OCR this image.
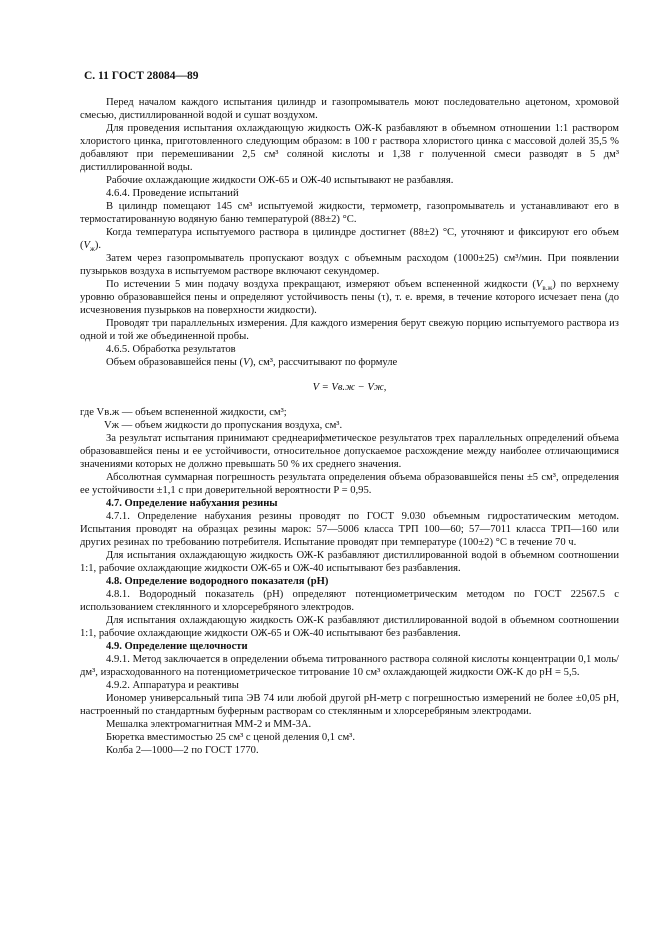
С. 11 ГОСТ 28084—89

Перед началом каждого испытания цилиндр и газопромыватель моют последовательно ацетоном, хромовой смесью, дистиллированной водой и сушат воздухом.

Для проведения испытания охлаждающую жидкость ОЖ-К разбавляют в объемном отношении 1:1 раствором хлористого цинка, приготовленного следующим образом: в 100 г раствора хлористого цинка с массовой долей 35,5 % добавляют при перемешивании 2,5 см³ соляной кислоты и 1,38 г полученной смеси разводят в 5 дм³ дистиллированной воды.

Рабочие охлаждающие жидкости ОЖ-65 и ОЖ-40 испытывают не разбавляя.

4.6.4. Проведение испытаний

В цилиндр помещают 145 см³ испытуемой жидкости, термометр, газопромыватель и устанавливают его в термостатированную водяную баню температурой (88±2) °С.

Когда температура испытуемого раствора в цилиндре достигнет (88±2) °С, уточняют и фиксируют его объем $(V_ж)$.

Затем через газопромыватель пропускают воздух с объемным расходом (1000±25) см³/мин. При появлении пузырьков воздуха в испытуемом растворе включают секундомер.

По истечении 5 мин подачу воздуха прекращают, измеряют объем вспененной жидкости $(V_{в.ж})$ по верхнему уровню образовавшейся пены и определяют устойчивость пены (τ), т. е. время, в течение которого исчезает пена (до исчезновения пузырьков на поверхности жидкости).

Проводят три параллельных измерения. Для каждого измерения берут свежую порцию испытуемого раствора из одной и той же объединенной пробы.

4.6.5. Обработка результатов

Объем образовавшейся пены (V), см³, рассчитывают по формуле

V = Vв.ж − Vж,

где Vв.ж — объем вспененной жидкости, см³;

Vж — объем жидкости до пропускания воздуха, см³.

За результат испытания принимают среднеарифметическое результатов трех параллельных определений объема образовавшейся пены и ее устойчивости, относительное допускаемое расхождение между наиболее отличающимися значениями которых не должно превышать 50 % их среднего значения.

Абсолютная суммарная погрешность результата определения объема образовавшейся пены ±5 см³, определения ее устойчивости ±1,1 с при доверительной вероятности P = 0,95.

4.7. Определение набухания резины

4.7.1. Определение набухания резины проводят по ГОСТ 9.030 объемным гидростатическим методом. Испытания проводят на образцах резины марок: 57—5006 класса ТРП 100—60; 57—7011 класса ТРП—160 или других резинах по требованию потребителя. Испытание проводят при температуре (100±2) °С в течение 70 ч.

Для испытания охлаждающую жидкость ОЖ-К разбавляют дистиллированной водой в объемном соотношении 1:1, рабочие охлаждающие жидкости ОЖ-65 и ОЖ-40 испытывают без разбавления.

4.8. Определение водородного показателя (pH)

4.8.1. Водородный показатель (pH) определяют потенциометрическим методом по ГОСТ 22567.5 с использованием стеклянного и хлорсеребряного электродов.

Для испытания охлаждающую жидкость ОЖ-К разбавляют дистиллированной водой в объемном соотношении 1:1, рабочие охлаждающие жидкости ОЖ-65 и ОЖ-40 испытывают без разбавления.

4.9. Определение щелочности

4.9.1. Метод заключается в определении объема титрованного раствора соляной кислоты концентрации 0,1 моль/дм³, израсходованного на потенциометрическое титрование 10 см³ охлаждающей жидкости ОЖ-К до pH = 5,5.

4.9.2. Аппаратура и реактивы

Иономер универсальный типа ЭВ 74 или любой другой pH-метр с погрешностью измерений не более ±0,05 pH, настроенный по стандартным буферным растворам со стеклянным и хлорсеребряным электродами.

Мешалка электромагнитная ММ-2 и ММ-3А.

Бюретка вместимостью 25 см³ с ценой деления 0,1 см³.

Колба 2—1000—2 по ГОСТ 1770.
